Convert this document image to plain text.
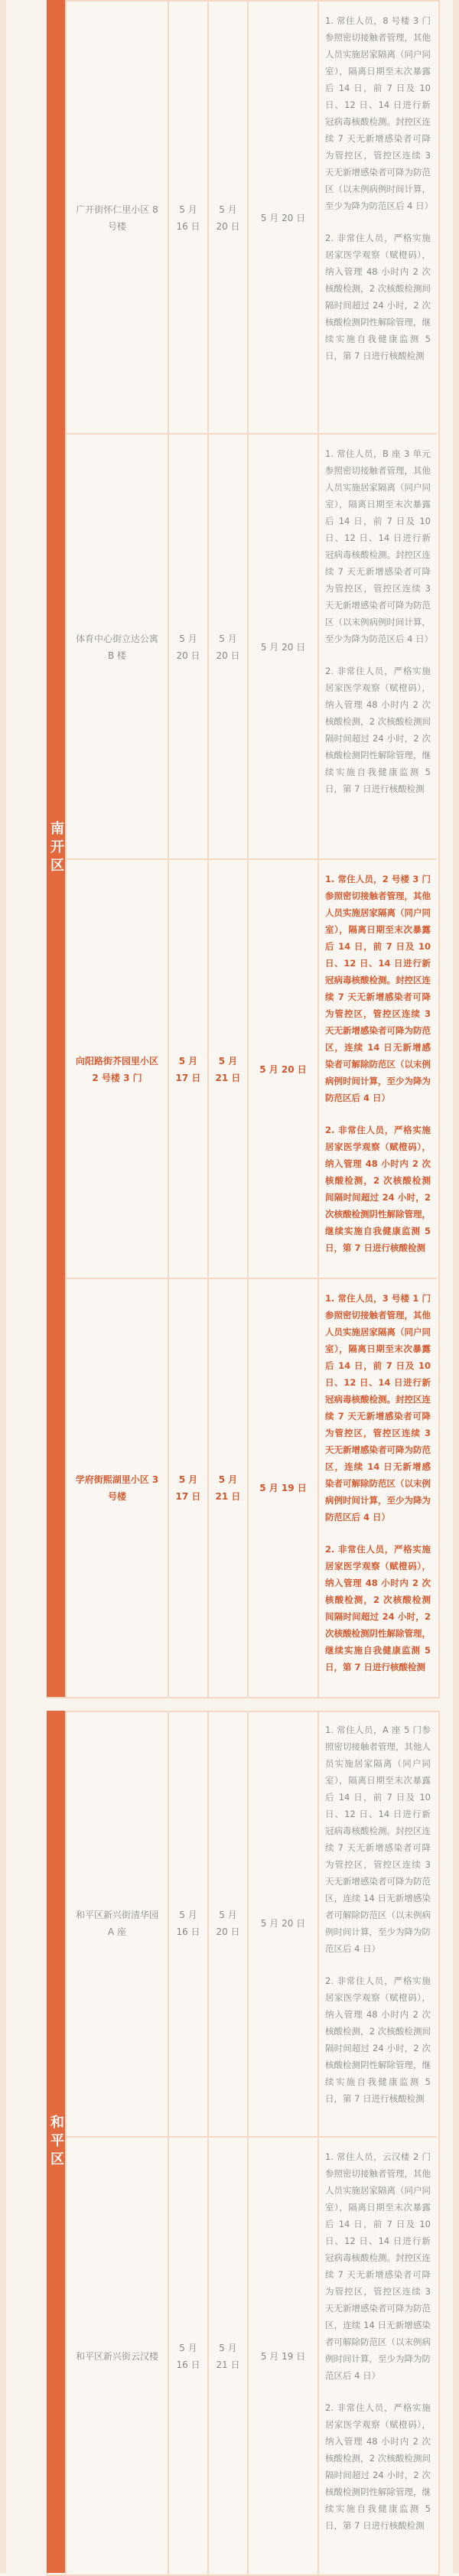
南开区
广开街怀仁里小区 8 号楼
5 月 16 日
5 月 20 日
5 月 20 日

1. 常住人员，8 号楼 3 门参照密切接触者管理，其他人员实施居家隔离（同户同室），隔离日期至末次暴露后 14 日，前 7 日及 10 日、12 日、14 日进行新冠病毒核酸检测。封控区连续 7 天无新增感染者可降为管控区，管控区连续 3 天无新增感染者可降为防范区（以末例病例时间计算，至少为降为防范区后 4 日）

2. 非常住人员，严格实施居家医学观察（赋橙码），纳入管理 48 小时内 2 次核酸检测，2 次核酸检测间隔时间超过 24 小时，2 次核酸检测阴性解除管理，继续实施自我健康监测 5 日，第 7 日进行核酸检测

体育中心街立达公寓 B 楼
5 月 20 日
5 月 20 日
5 月 20 日

1. 常住人员，B 座 3 单元参照密切接触者管理，其他人员实施居家隔离（同户同室），隔离日期至末次暴露后 14 日，前 7 日及 10 日、12 日、14 日进行新冠病毒核酸检测。封控区连续 7 天无新增感染者可降为管控区，管控区连续 3 天无新增感染者可降为防范区（以末例病例时间计算，至少为降为防范区后 4 日）

2. 非常住人员，严格实施居家医学观察（赋橙码），纳入管理 48 小时内 2 次核酸检测，2 次核酸检测间隔时间超过 24 小时，2 次核酸检测阴性解除管理，继续实施自我健康监测 5 日，第 7 日进行核酸检测

向阳路街芥园里小区 2 号楼 3 门
5 月 17 日
5 月 21 日
5 月 20 日

1. 常住人员，2 号楼 3 门参照密切接触者管理，其他人员实施居家隔离（同户同室），隔离日期至末次暴露后 14 日，前 7 日及 10 日、12 日、14 日进行新冠病毒核酸检测。封控区连续 7 天无新增感染者可降为管控区，管控区连续 3 天无新增感染者可降为防范区，连续 14 日无新增感染者可解除防范区（以末例病例时间计算，至少为降为防范区后 4 日）

2. 非常住人员，严格实施居家医学观察（赋橙码），纳入管理 48 小时内 2 次核酸检测，2 次核酸检测间隔时间超过 24 小时，2 次核酸检测阴性解除管理，继续实施自我健康监测 5 日，第 7 日进行核酸检测

学府街熙湖里小区 3 号楼
5 月 17 日
5 月 21 日
5 月 19 日

1. 常住人员，3 号楼 1 门参照密切接触者管理，其他人员实施居家隔离（同户同室），隔离日期至末次暴露后 14 日，前 7 日及 10 日、12 日、14 日进行新冠病毒核酸检测。封控区连续 7 天无新增感染者可降为管控区，管控区连续 3 天无新增感染者可降为防范区，连续 14 日无新增感染者可解除防范区（以末例病例时间计算，至少为降为防范区后 4 日）

2. 非常住人员，严格实施居家医学观察（赋橙码），纳入管理 48 小时内 2 次核酸检测，2 次核酸检测间隔时间超过 24 小时，2 次核酸检测阴性解除管理，继续实施自我健康监测 5 日，第 7 日进行核酸检测

和平区
和平区新兴街清华园 A 座
5 月 16 日
5 月 20 日
5 月 20 日

1. 常住人员，A 座 5 门参照密切接触者管理，其他人员实施居家隔离（同户同室），隔离日期至末次暴露后 14 日，前 7 日及 10 日、12 日、14 日进行新冠病毒核酸检测。封控区连续 7 天无新增感染者可降为管控区，管控区连续 3 天无新增感染者可降为防范区，连续 14 日无新增感染者可解除防范区（以末例病例时间计算，至少为降为防范区后 4 日）

2. 非常住人员，严格实施居家医学观察（赋橙码），纳入管理 48 小时内 2 次核酸检测，2 次核酸检测间隔时间超过 24 小时，2 次核酸检测阴性解除管理，继续实施自我健康监测 5 日，第 7 日进行核酸检测

和平区新兴街云汉楼
5 月 16 日
5 月 21 日
5 月 19 日

1. 常住人员，云汉楼 2 门参照密切接触者管理，其他人员实施居家隔离（同户同室），隔离日期至末次暴露后 14 日，前 7 日及 10 日、12 日、14 日进行新冠病毒核酸检测。封控区连续 7 天无新增感染者可降为管控区，管控区连续 3 天无新增感染者可降为防范区，连续 14 日无新增感染者可解除防范区（以末例病例时间计算，至少为降为防范区后 4 日）

2. 非常住人员，严格实施居家医学观察（赋橙码），纳入管理 48 小时内 2 次核酸检测，2 次核酸检测间隔时间超过 24 小时，2 次核酸检测阴性解除管理，继续实施自我健康监测 5 日，第 7 日进行核酸检测
